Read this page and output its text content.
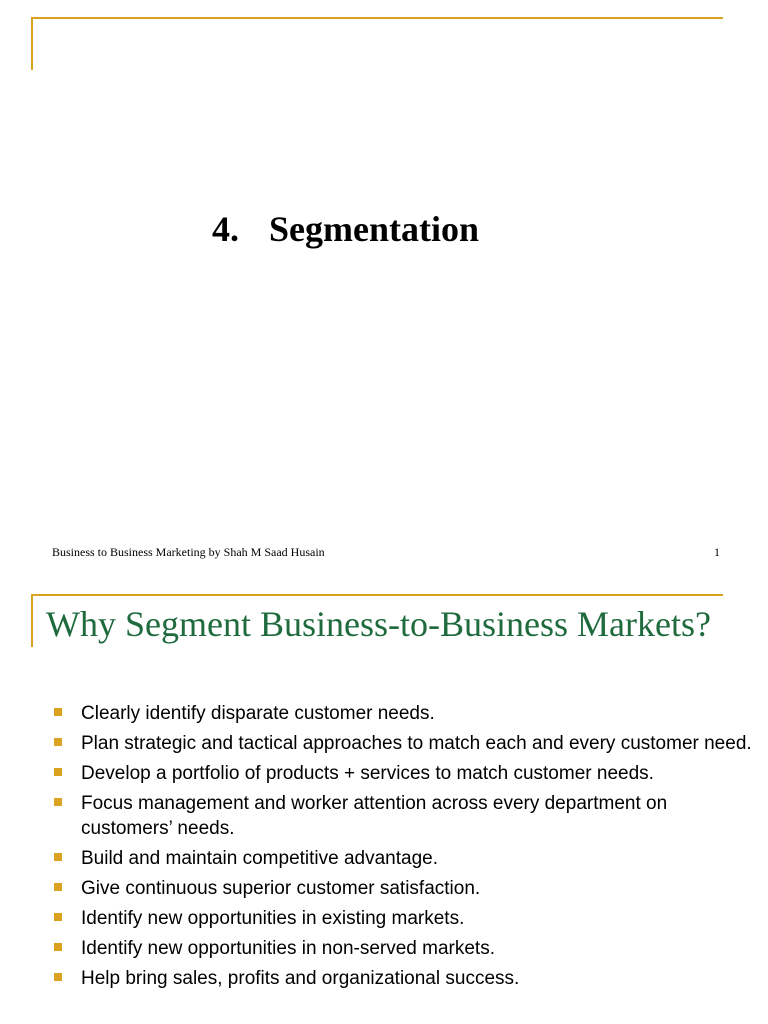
4. Segmentation
Business to Business Marketing by Shah M Saad Husain	1
Why Segment Business-to-Business Markets?
Clearly identify disparate customer needs.
Plan strategic and tactical approaches to match each and every customer need.
Develop a portfolio of products + services to match customer needs.
Focus management and worker attention across every department on customers’ needs.
Build and maintain competitive advantage.
Give continuous superior customer satisfaction.
Identify new opportunities in existing markets.
Identify new opportunities in non-served markets.
Help bring sales, profits and organizational success.
